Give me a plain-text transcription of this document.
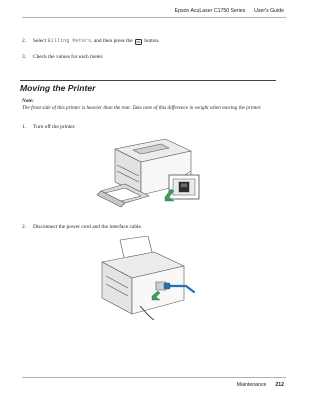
Epson AcuLaser C1750 Series User's Guide
2. Select Billing Meters, and then press the OK button.
3. Check the values for each meter.
Moving the Printer
Note:
The front side of this printer is heavier than the rear. Take note of this difference in weight when moving the printer.
1. Turn off the printer.
2. Disconnect the power cord and the interface cable.
Maintenance 212
